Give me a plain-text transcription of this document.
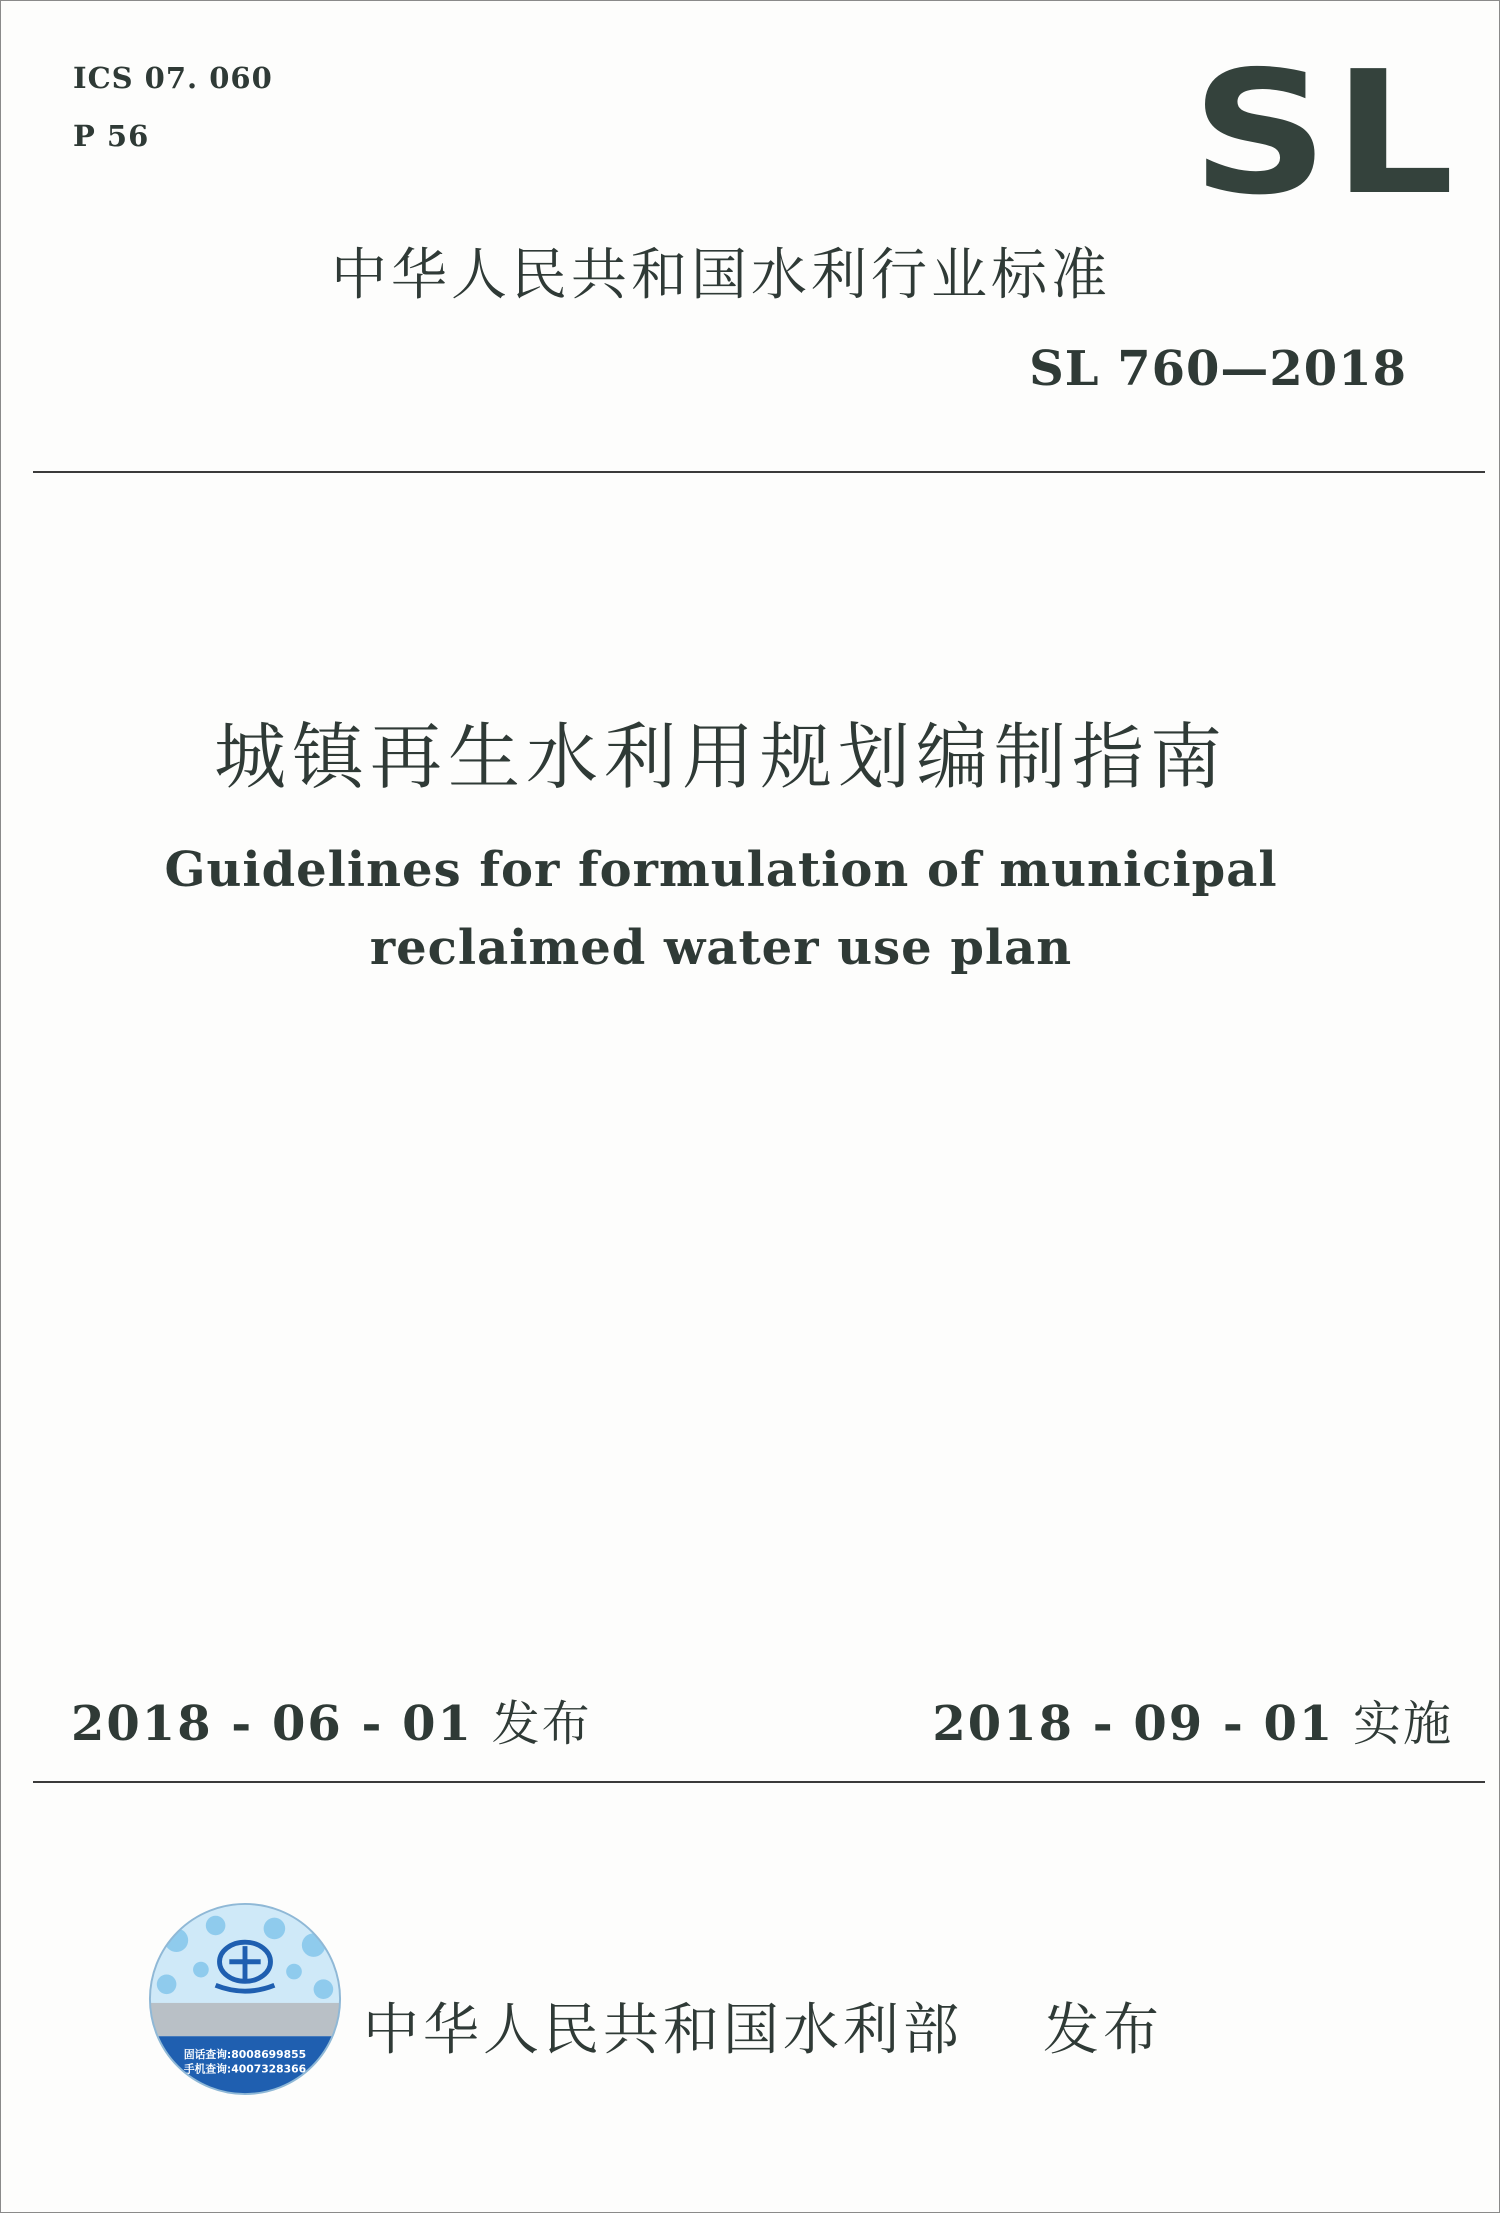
ICS 07. 060
P 56	SL
中华人民共和国水利行业标准
SL 760—2018
城镇再生水利用规划编制指南
Guidelines for formulation of municipal
reclaimed water use plan
2018 - 06 - 01 发布	2018 - 09 - 01 实施
固话查询:8008699855
手机查询:4007328366
中华人民共和国水利部 发布
